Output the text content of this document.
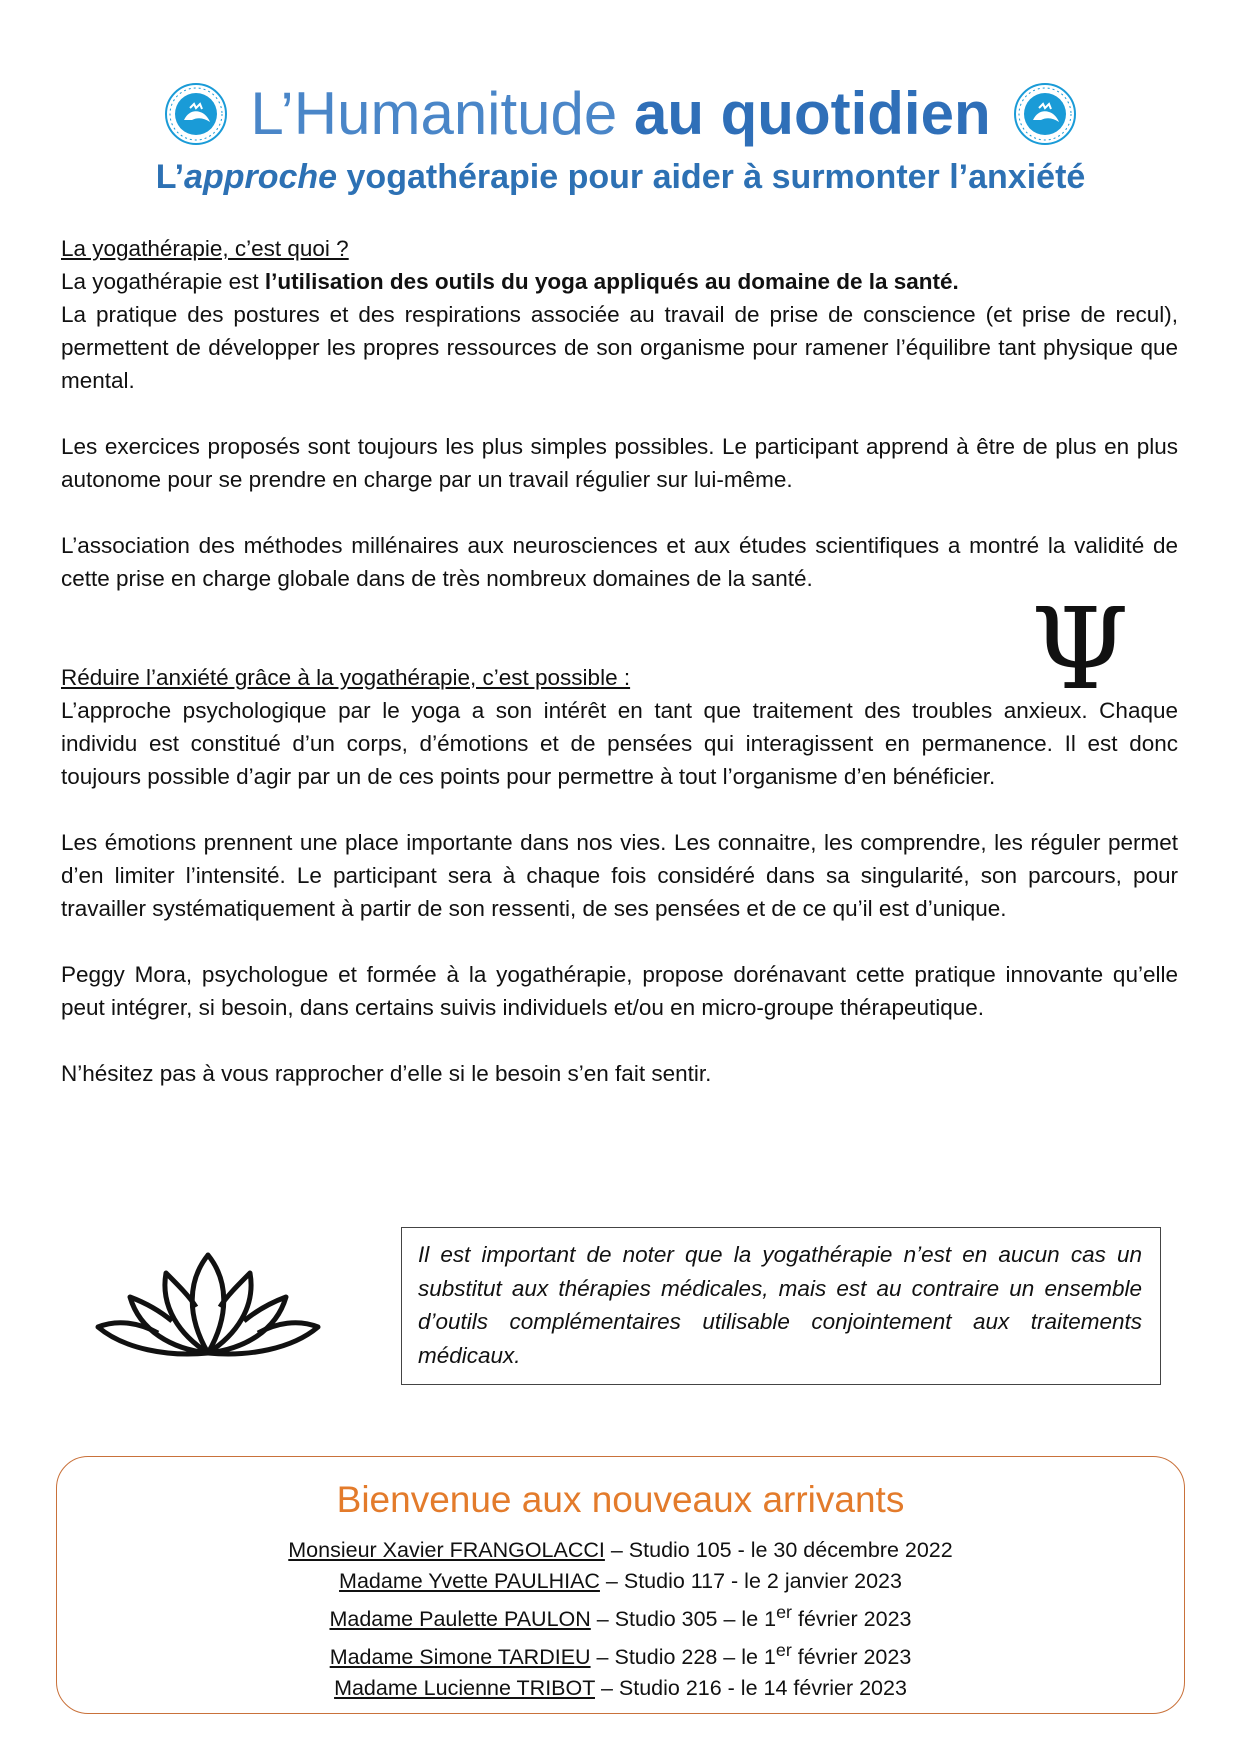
L’Humanitude au quotidien
L’approche yogathérapie pour aider à surmonter l’anxiété

La yogathérapie, c’est quoi ?

La yogathérapie est l’utilisation des outils du yoga appliqués au domaine de la santé.

La pratique des postures et des respirations associée au travail de prise de conscience (et prise de recul), permettent de développer les propres ressources de son organisme pour ramener l’équilibre tant physique que mental.

Les exercices proposés sont toujours les plus simples possibles. Le participant apprend à être de plus en plus autonome pour se prendre en charge par un travail régulier sur lui-même.

L’association des méthodes millénaires aux neurosciences et aux études scientifiques a montré la validité de cette prise en charge globale dans de très nombreux domaines de la santé.

Réduire l’anxiété grâce à la yogathérapie, c’est possible :

L’approche psychologique par le yoga a son intérêt en tant que traitement des troubles anxieux. Chaque individu est constitué d’un corps, d’émotions et de pensées qui interagissent en permanence. Il est donc toujours possible d’agir par un de ces points pour permettre à tout l’organisme d’en bénéficier.

Les émotions prennent une place importante dans nos vies. Les connaitre, les comprendre, les réguler permet d’en limiter l’intensité. Le participant sera à chaque fois considéré dans sa singularité, son parcours, pour travailler systématiquement à partir de son ressenti, de ses pensées et de ce qu’il est d’unique.

Peggy Mora, psychologue et formée à la yogathérapie, propose dorénavant cette pratique innovante qu’elle peut intégrer, si besoin, dans certains suivis individuels et/ou en micro-groupe thérapeutique.

N’hésitez pas à vous rapprocher d’elle si le besoin s’en fait sentir.

Ψ
Il est important de noter que la yogathérapie n’est en aucun cas un substitut aux thérapies médicales, mais est au contraire un ensemble d’outils complémentaires utilisable conjointement aux traitements médicaux.
Bienvenue aux nouveaux arrivants
Monsieur Xavier FRANGOLACCI – Studio 105 - le 30 décembre 2022
Madame Yvette PAULHIAC – Studio 117 - le 2 janvier 2023
Madame Paulette PAULON – Studio 305 – le 1er février 2023
Madame Simone TARDIEU – Studio 228 – le 1er février 2023
Madame Lucienne TRIBOT – Studio 216 - le 14 février 2023
